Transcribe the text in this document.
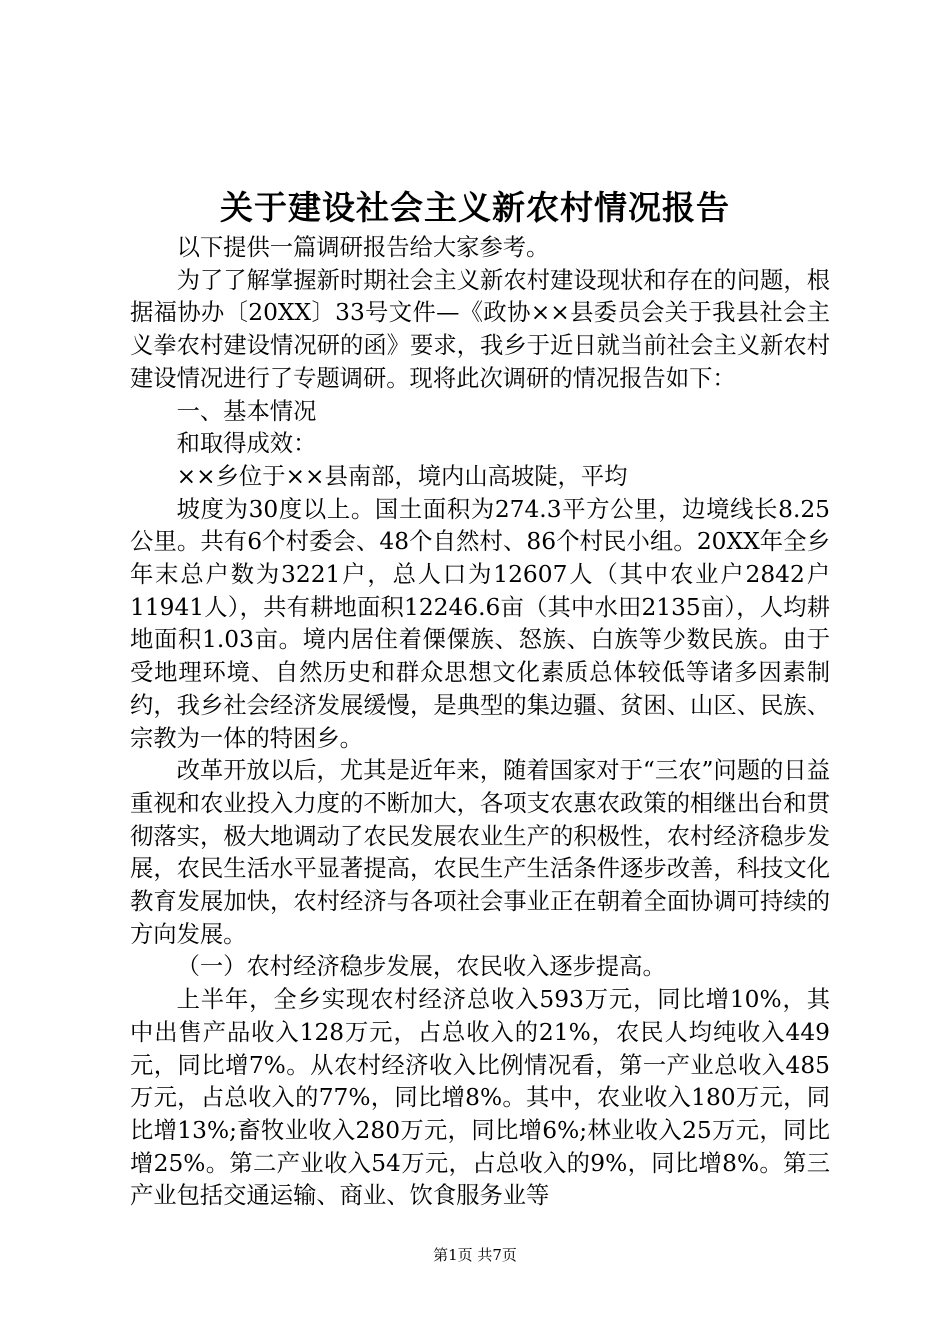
关于建设社会主义新农村情况报告

以下提供一篇调研报告给大家参考。

为了了解掌握新时期社会主义新农村建设现状和存在的问题，根据福协办〔20XX〕33号文件—《政协××县委员会关于我县社会主义拳农村建设情况研的函》要求，我乡于近日就当前社会主义新农村建设情况进行了专题调研。现将此次调研的情况报告如下：

一、基本情况

和取得成效：

××乡位于××县南部，境内山高坡陡，平均

坡度为30度以上。国土面积为274.3平方公里，边境线长8.25公里。共有6个村委会、48个自然村、86个村民小组。20XX年全乡年末总户数为3221户，总人口为12607人（其中农业户2842户11941人），共有耕地面积12246.6亩（其中水田2135亩），人均耕地面积1.03亩。境内居住着傈僳族、怒族、白族等少数民族。由于受地理环境、自然历史和群众思想文化素质总体较低等诸多因素制约，我乡社会经济发展缓慢，是典型的集边疆、贫困、山区、民族、宗教为一体的特困乡。

改革开放以后，尤其是近年来，随着国家对于“三农”问题的日益重视和农业投入力度的不断加大，各项支农惠农政策的相继出台和贯彻落实，极大地调动了农民发展农业生产的积极性，农村经济稳步发展，农民生活水平显著提高，农民生产生活条件逐步改善，科技文化教育发展加快，农村经济与各项社会事业正在朝着全面协调可持续的方向发展。

（一）农村经济稳步发展，农民收入逐步提高。

上半年，全乡实现农村经济总收入593万元，同比增10%，其中出售产品收入128万元，占总收入的21%，农民人均纯收入449元，同比增7%。从农村经济收入比例情况看，第一产业总收入485万元，占总收入的77%，同比增8%。其中，农业收入180万元，同比增13%;畜牧业收入280万元，同比增6%;林业收入25万元，同比增25%。第二产业收入54万元，占总收入的9%，同比增8%。第三产业包括交通运输、商业、饮食服务业等

第1页 共7页
